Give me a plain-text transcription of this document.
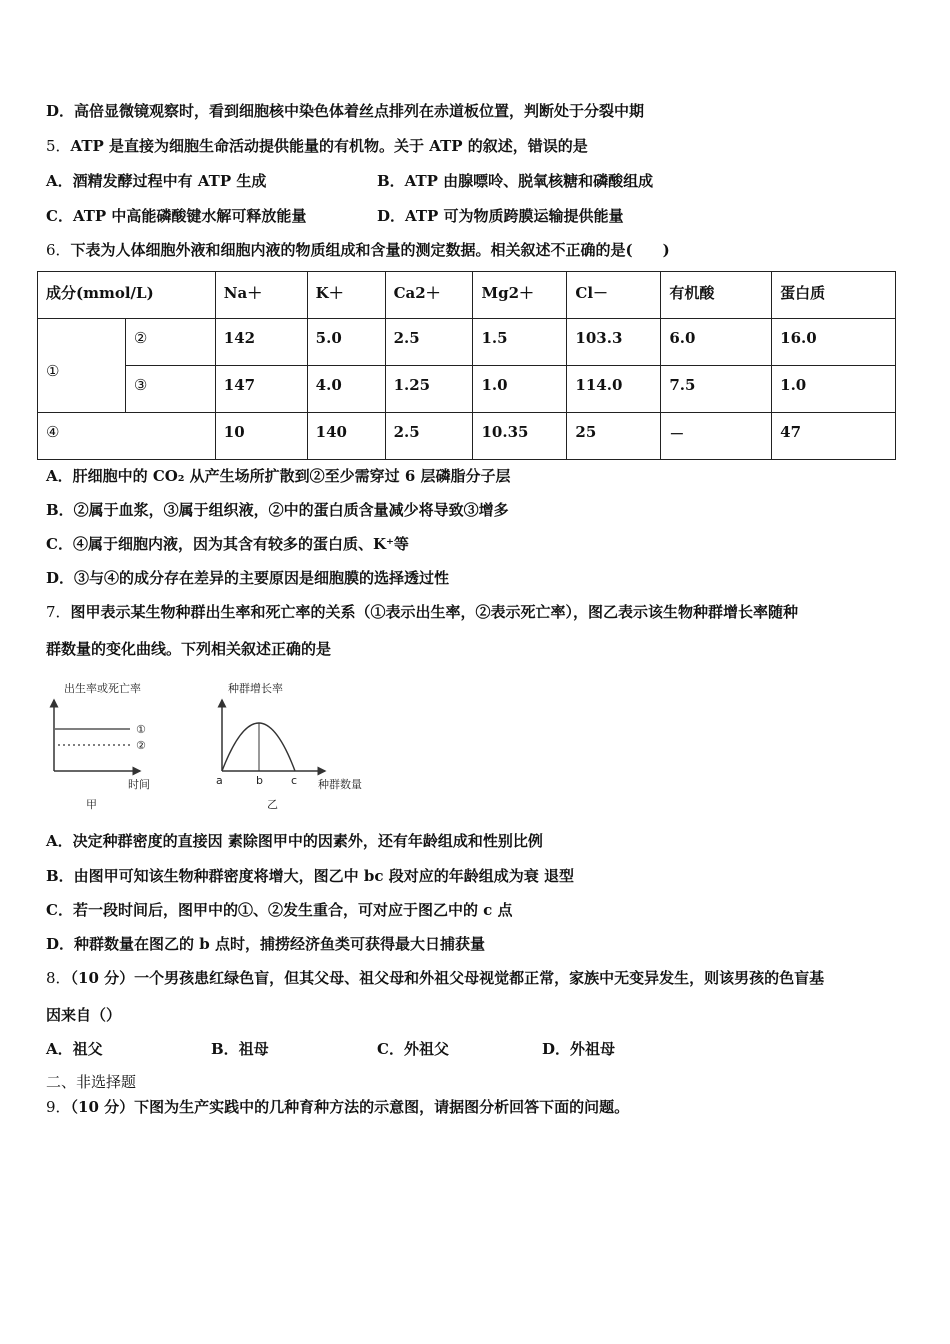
D．高倍显微镜观察时，看到细胞核中染色体着丝点排列在赤道板位置，判断处于分裂中期
5．ATP 是直接为细胞生命活动提供能量的有机物。关于 ATP 的叙述，错误的是
A．酒精发酵过程中有 ATP 生成	B．ATP 由腺嘌呤、脱氧核糖和磷酸组成
C．ATP 中高能磷酸键水解可释放能量	D．ATP 可为物质跨膜运输提供能量
6．下表为人体细胞外液和细胞内液的物质组成和含量的测定数据。相关叙述不正确的是(　　)
成分(mmol/L)		Na＋	K＋	Ca2＋	Mg2＋	Cl－	有机酸	蛋白质
①	②	142	5.0	2.5	1.5	103.3	6.0	16.0
	③	147	4.0	1.25	1.0	114.0	7.5	1.0
④		10	140	2.5	10.35	25	－	47
A．肝细胞中的 CO₂ 从产生场所扩散到②至少需穿过 6 层磷脂分子层
B．②属于血浆，③属于组织液，②中的蛋白质含量减少将导致③增多
C．④属于细胞内液，因为其含有较多的蛋白质、K⁺等
D．③与④的成分存在差异的主要原因是细胞膜的选择透过性
7．图甲表示某生物种群出生率和死亡率的关系（①表示出生率，②表示死亡率），图乙表示该生物种群增长率随种
群数量的变化曲线。下列相关叙述正确的是
出生率或死亡率
①
②
时间
甲
种群增长率
a	b	c 种群数量
乙
A．决定种群密度的直接因 素除图甲中的因素外，还有年龄组成和性别比例
B．由图甲可知该生物种群密度将增大，图乙中 bc 段对应的年龄组成为衰 退型
C．若一段时间后，图甲中的①、②发生重合，可对应于图乙中的 c 点
D．种群数量在图乙的 b 点时，捕捞经济鱼类可获得最大日捕获量
8．（10 分）一个男孩患红绿色盲，但其父母、祖父母和外祖父母视觉都正常，家族中无变异发生，则该男孩的色盲基
因来自（）
A．祖父	B．祖母	C．外祖父	D．外祖母
二、非选择题
9．（10 分）下图为生产实践中的几种育种方法的示意图，请据图分析回答下面的问题。
